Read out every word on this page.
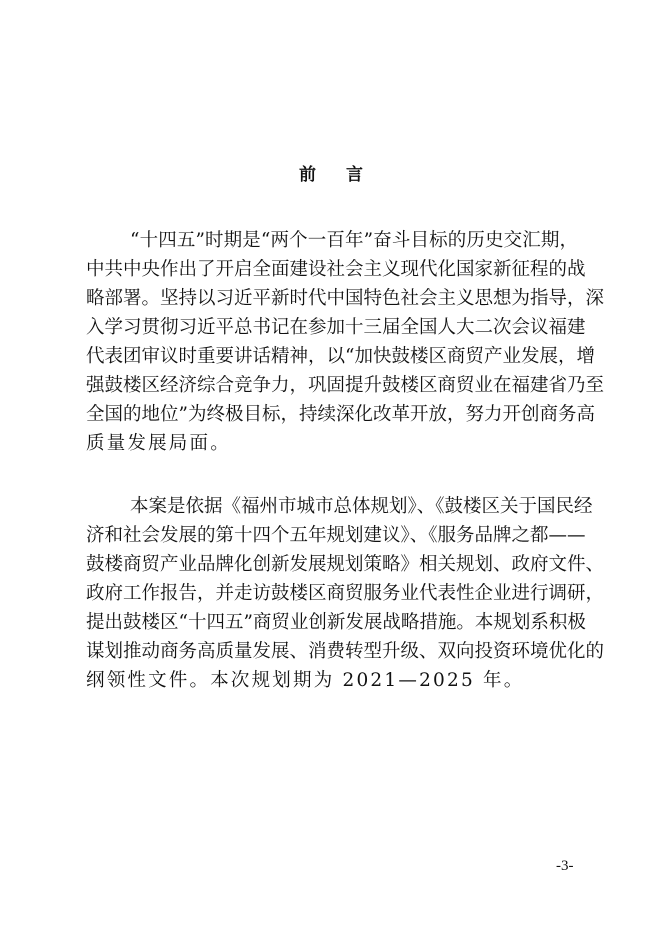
前 言
“十四五”时期是“两个一百年”奋斗目标的历史交汇期，
中共中央作出了开启全面建设社会主义现代化国家新征程的战
略部署。坚持以习近平新时代中国特色社会主义思想为指导，深
入学习贯彻习近平总书记在参加十三届全国人大二次会议福建
代表团审议时重要讲话精神，以“加快鼓楼区商贸产业发展，增
强鼓楼区经济综合竞争力，巩固提升鼓楼区商贸业在福建省乃至
全国的地位”为终极目标，持续深化改革开放，努力开创商务高
质量发展局面。
本案是依据《福州市城市总体规划》、《鼓楼区关于国民经
济和社会发展的第十四个五年规划建议》、《服务品牌之都——
鼓楼商贸产业品牌化创新发展规划策略》相关规划、政府文件、
政府工作报告，并走访鼓楼区商贸服务业代表性企业进行调研，
提出鼓楼区“十四五”商贸业创新发展战略措施。本规划系积极
谋划推动商务高质量发展、消费转型升级、双向投资环境优化的
纲领性文件。本次规划期为 2021—2025 年。
-3-
